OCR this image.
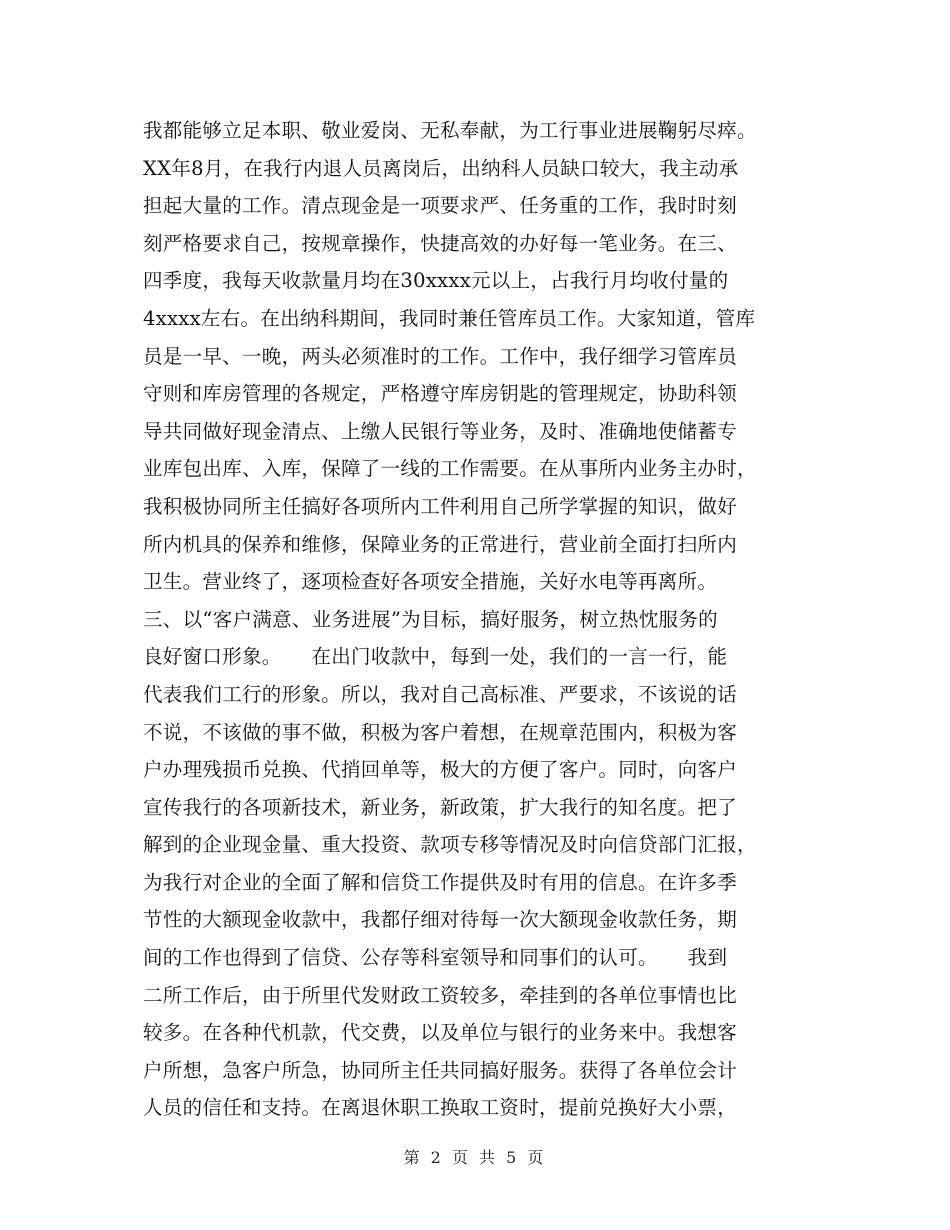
我都能够立足本职、敬业爱岗、无私奉献，为工行事业进展鞠躬尽瘁。
XX年8月，在我行内退人员离岗后，出纳科人员缺口较大，我主动承
担起大量的工作。清点现金是一项要求严、任务重的工作，我时时刻
刻严格要求自己，按规章操作，快捷高效的办好每一笔业务。在三、
四季度，我每天收款量月均在30xxxx元以上，占我行月均收付量的
4xxxx左右。在出纳科期间，我同时兼任管库员工作。大家知道，管库
员是一早、一晚，两头必须准时的工作。工作中，我仔细学习管库员
守则和库房管理的各规定，严格遵守库房钥匙的管理规定，协助科领
导共同做好现金清点、上缴人民银行等业务，及时、准确地使储蓄专
业库包出库、入库，保障了一线的工作需要。在从事所内业务主办时，
我积极协同所主任搞好各项所内工件利用自己所学掌握的知识，做好
所内机具的保养和维修，保障业务的正常进行，营业前全面打扫所内
卫生。营业终了，逐项检查好各项安全措施，关好水电等再离所。
三、以“客户满意、业务进展”为目标，搞好服务，树立热忱服务的
良好窗口形象。　　在出门收款中，每到一处，我们的一言一行，能
代表我们工行的形象。所以，我对自己高标准、严要求，不该说的话
不说，不该做的事不做，积极为客户着想，在规章范围内，积极为客
户办理残损币兑换、代捎回单等，极大的方便了客户。同时，向客户
宣传我行的各项新技术，新业务，新政策，扩大我行的知名度。把了
解到的企业现金量、重大投资、款项专移等情况及时向信贷部门汇报，
为我行对企业的全面了解和信贷工作提供及时有用的信息。在许多季
节性的大额现金收款中，我都仔细对待每一次大额现金收款任务，期
间的工作也得到了信贷、公存等科室领导和同事们的认可。　　我到
二所工作后，由于所里代发财政工资较多，牵挂到的各单位事情也比
较多。在各种代机款，代交费，以及单位与银行的业务来中。我想客
户所想，急客户所急，协同所主任共同搞好服务。获得了各单位会计
人员的信任和支持。在离退休职工换取工资时，提前兑换好大小票，
第 2 页 共 5 页
